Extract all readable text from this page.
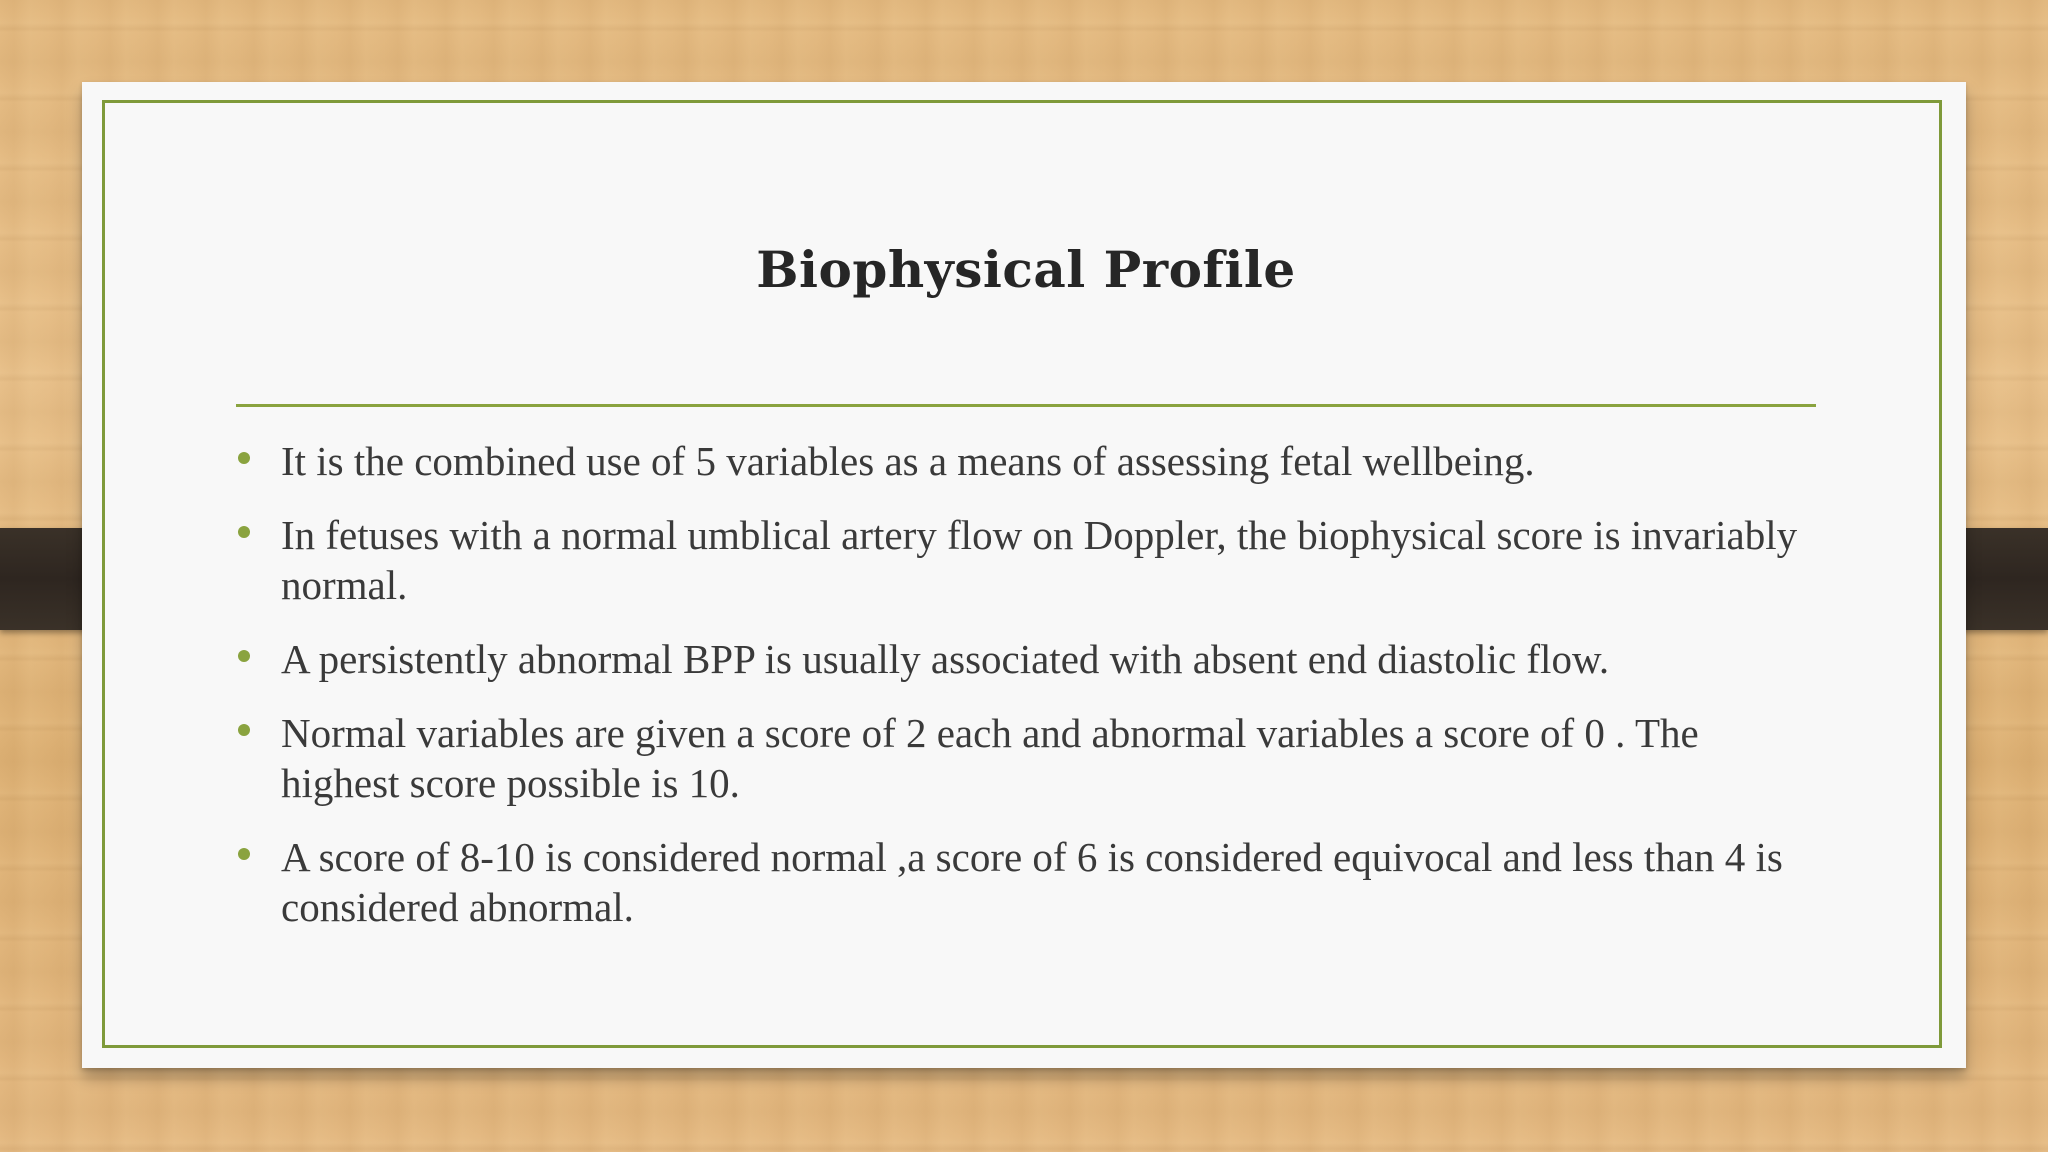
Biophysical Profile
It is the combined use of 5 variables as a means of assessing fetal wellbeing.
In fetuses with a normal umblical artery flow on Doppler, the biophysical score is invariably normal.
A persistently abnormal BPP is usually associated with absent end diastolic flow.
Normal variables are given a score of 2 each and abnormal variables a score of 0 . The highest score possible is 10.
A score of 8-10 is considered normal ,a score of 6 is considered equivocal and less than 4 is considered abnormal.
